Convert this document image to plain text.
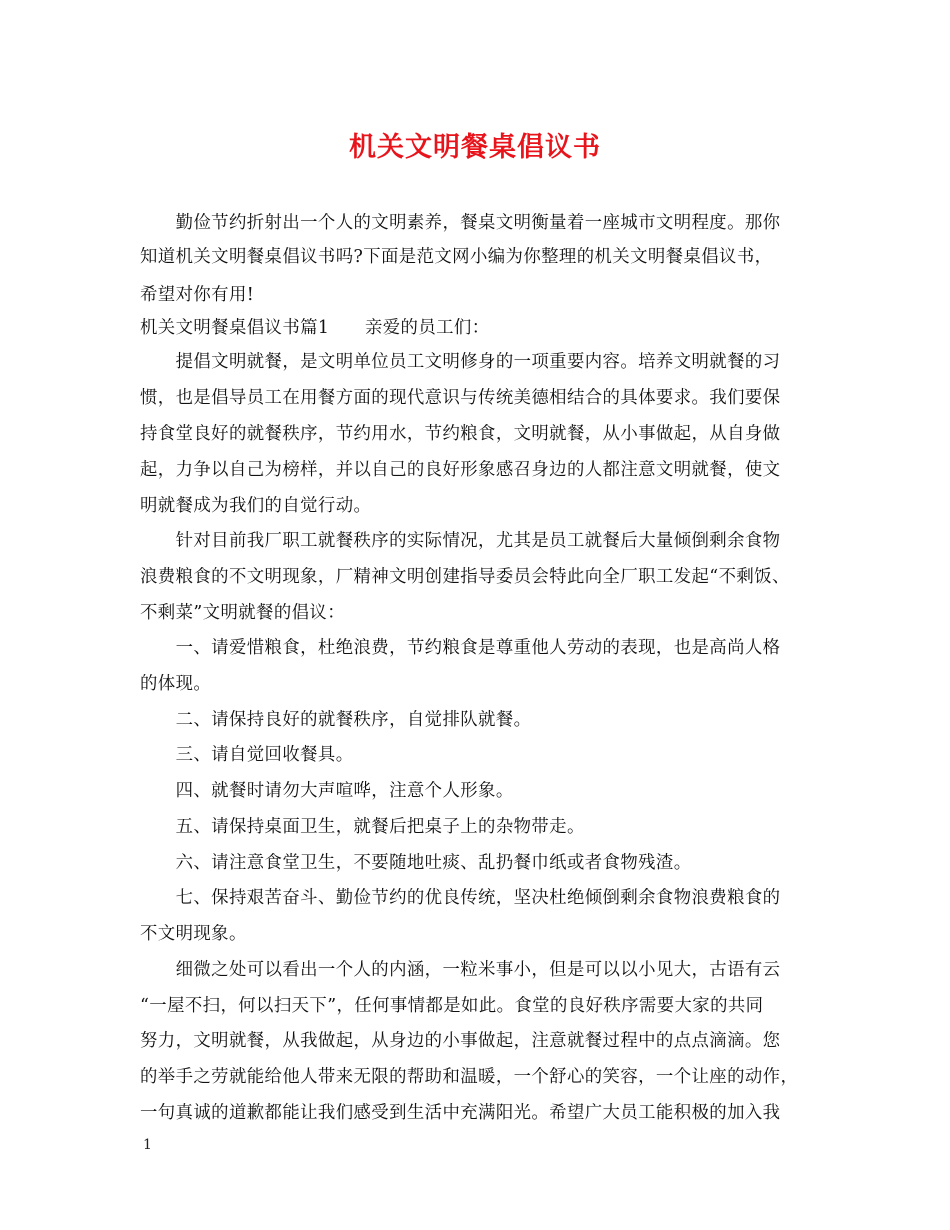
机关文明餐桌倡议书
　　勤俭节约折射出一个人的文明素养，餐桌文明衡量着一座城市文明程度。那你
知道机关文明餐桌倡议书吗?下面是范文网小编为你整理的机关文明餐桌倡议书，
希望对你有用!
机关文明餐桌倡议书篇1　　亲爱的员工们：
　　提倡文明就餐，是文明单位员工文明修身的一项重要内容。培养文明就餐的习
惯，也是倡导员工在用餐方面的现代意识与传统美德相结合的具体要求。我们要保
持食堂良好的就餐秩序，节约用水，节约粮食，文明就餐，从小事做起，从自身做
起，力争以自己为榜样，并以自己的良好形象感召身边的人都注意文明就餐，使文
明就餐成为我们的自觉行动。
　　针对目前我厂职工就餐秩序的实际情况，尤其是员工就餐后大量倾倒剩余食物
浪费粮食的不文明现象，厂精神文明创建指导委员会特此向全厂职工发起“不剩饭、
不剩菜”文明就餐的倡议：
　　一、请爱惜粮食，杜绝浪费，节约粮食是尊重他人劳动的表现，也是高尚人格
的体现。
　　二、请保持良好的就餐秩序，自觉排队就餐。
　　三、请自觉回收餐具。
　　四、就餐时请勿大声喧哗，注意个人形象。
　　五、请保持桌面卫生，就餐后把桌子上的杂物带走。
　　六、请注意食堂卫生，不要随地吐痰、乱扔餐巾纸或者食物残渣。
　　七、保持艰苦奋斗、勤俭节约的优良传统，坚决杜绝倾倒剩余食物浪费粮食的
不文明现象。
　　细微之处可以看出一个人的内涵，一粒米事小，但是可以以小见大，古语有云
“一屋不扫，何以扫天下”，任何事情都是如此。食堂的良好秩序需要大家的共同
努力，文明就餐，从我做起，从身边的小事做起，注意就餐过程中的点点滴滴。您
的举手之劳就能给他人带来无限的帮助和温暖，一个舒心的笑容，一个让座的动作，
一句真诚的道歉都能让我们感受到生活中充满阳光。希望广大员工能积极的加入我
1
